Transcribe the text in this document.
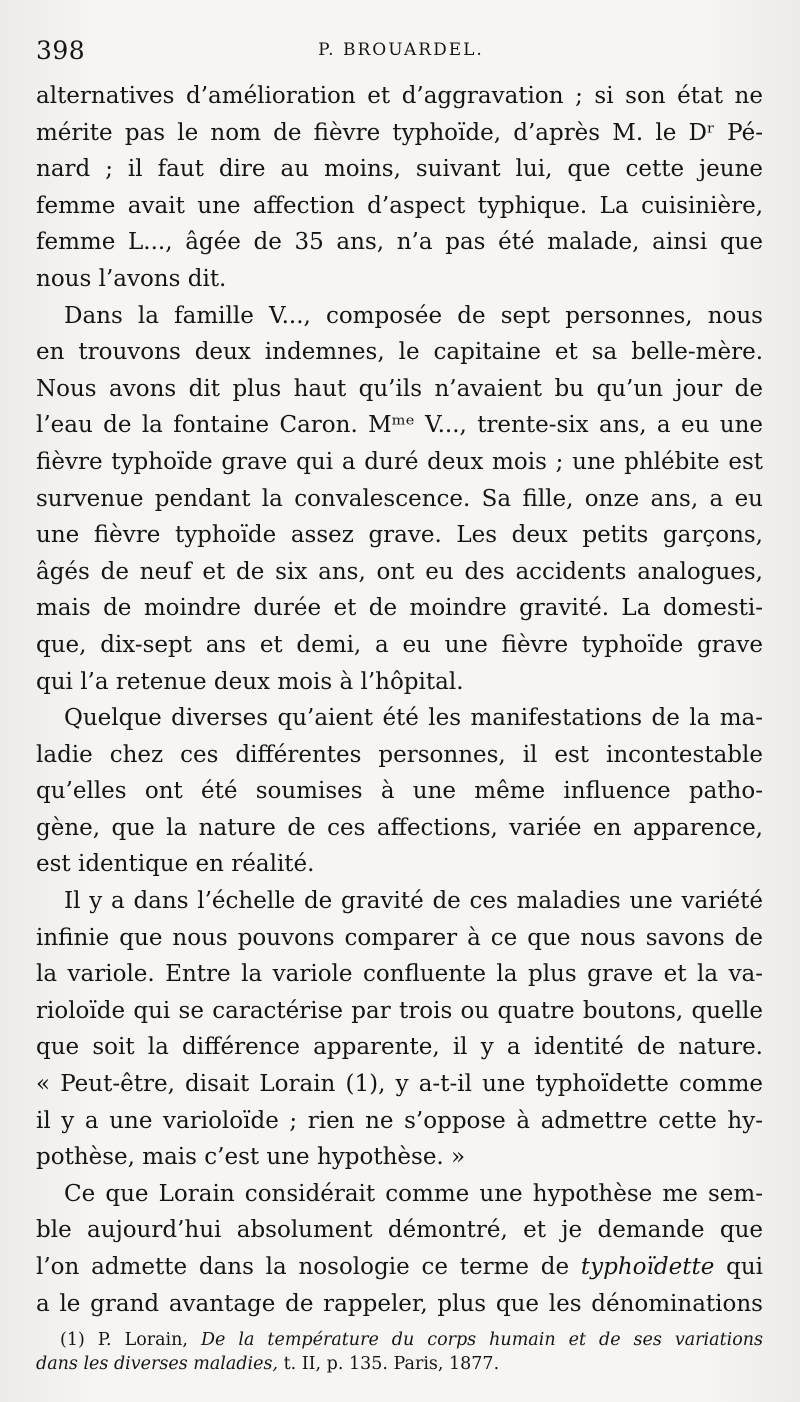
398	P. BROUARDEL.
alternatives d’amélioration et d’aggravation ; si son état ne
mérite pas le nom de fièvre typhoïde, d’après M. le Dʳ Pé-
nard ; il faut dire au moins, suivant lui, que cette jeune
femme avait une affection d’aspect typhique. La cuisinière,
femme L..., âgée de 35 ans, n’a pas été malade, ainsi que
nous l’avons dit.
Dans la famille V..., composée de sept personnes, nous
en trouvons deux indemnes, le capitaine et sa belle-mère.
Nous avons dit plus haut qu’ils n’avaient bu qu’un jour de
l’eau de la fontaine Caron. Mᵐᵉ V..., trente-six ans, a eu une
fièvre typhoïde grave qui a duré deux mois ; une phlébite est
survenue pendant la convalescence. Sa fille, onze ans, a eu
une fièvre typhoïde assez grave. Les deux petits garçons,
âgés de neuf et de six ans, ont eu des accidents analogues,
mais de moindre durée et de moindre gravité. La domesti-
que, dix-sept ans et demi, a eu une fièvre typhoïde grave
qui l’a retenue deux mois à l’hôpital.
Quelque diverses qu’aient été les manifestations de la ma-
ladie chez ces différentes personnes, il est incontestable
qu’elles ont été soumises à une même influence patho-
gène, que la nature de ces affections, variée en apparence,
est identique en réalité.
Il y a dans l’échelle de gravité de ces maladies une variété
infinie que nous pouvons comparer à ce que nous savons de
la variole. Entre la variole confluente la plus grave et la va-
rioloïde qui se caractérise par trois ou quatre boutons, quelle
que soit la différence apparente, il y a identité de nature.
« Peut-être, disait Lorain (1), y a-t-il une typhoïdette comme
il y a une varioloïde ; rien ne s’oppose à admettre cette hy-
pothèse, mais c’est une hypothèse. »
Ce que Lorain considérait comme une hypothèse me sem-
ble aujourd’hui absolument démontré, et je demande que
l’on admette dans la nosologie ce terme de typhoïdette qui
a le grand avantage de rappeler, plus que les dénominations
(1) P. Lorain, De la température du corps humain et de ses variations
dans les diverses maladies, t. II, p. 135. Paris, 1877.
